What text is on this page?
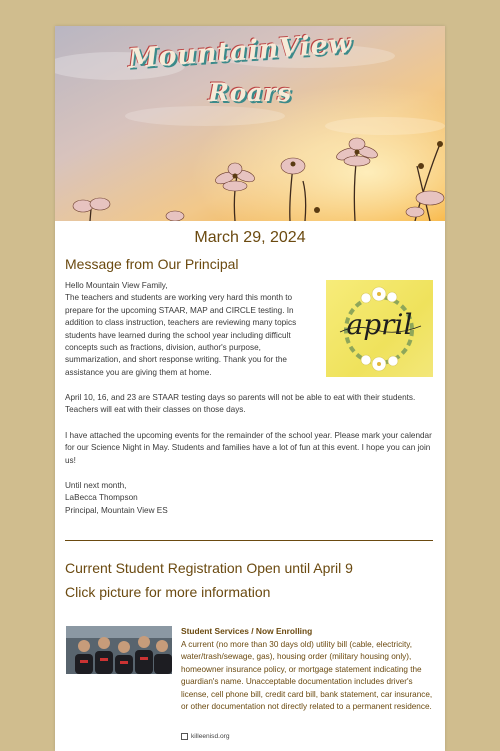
MountainView
Roars
March 29, 2024
Message from Our Principal

Hello Mountain View Family,

The teachers and students are working very hard this month to prepare for the upcoming STAAR, MAP and CIRCLE testing. In addition to class instruction, teachers are reviewing many topics students have learned during the school year including difficult concepts such as fractions, division, author's purpose, summarization, and short response writing. Thank you for the assistance you are giving them at home.

april

April 10, 16, and 23 are STAAR testing days so parents will not be able to eat with their students. Teachers will eat with their classes on those days.

I have attached the upcoming events for the remainder of the school year. Please mark your calendar for our Science Night in May. Students and families have a lot of fun at this event. I hope you can join us!

Until next month,

LaBecca Thompson

Principal, Mountain View ES

Current Student Registration Open until April 9
Click picture for more information
Student Services / Now Enrolling

A current (no more than 30 days old) utility bill (cable, electricity, water/trash/sewage, gas), housing order (military housing only), homeowner insurance policy, or mortgage statement indicating the guardian's name. Unacceptable documentation includes driver's license, cell phone bill, credit card bill, bank statement, car insurance, or other documentation not directly related to a permanent residence.

killeenisd.org
